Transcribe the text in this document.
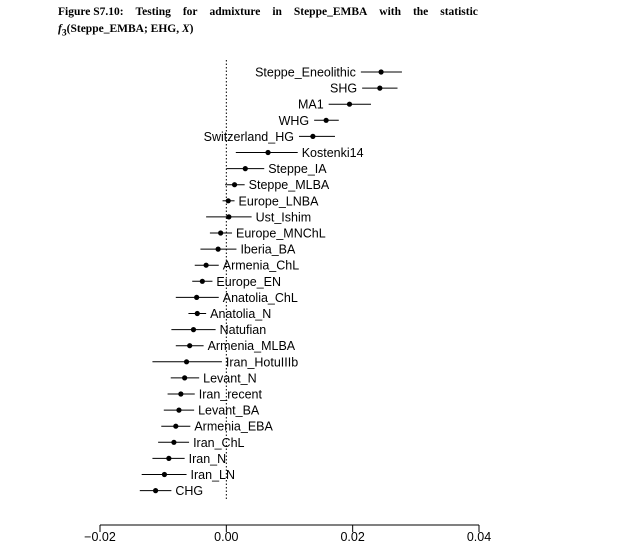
Figure S7.10: Testing for admixture in Steppe_EMBA with the statistic
$f_3(Steppe\_EMBA$; EHG, X)
Steppe_Eneolithic
SHG
MA1
WHG
Switzerland_HG
Kostenki14
Steppe_IA
Steppe_MLBA
Europe_LNBA
Ust_Ishim
Europe_MNChL
Iberia_BA
Armenia_ChL
Europe_EN
Anatolia_ChL
Anatolia_N
Natufian
Armenia_MLBA
Iran_HotuIIIb
Levant_N
Iran_recent
Levant_BA
Armenia_EBA
Iran_ChL
Iran_N
Iran_LN
CHG
−0.02	0.00	0.02	0.04
